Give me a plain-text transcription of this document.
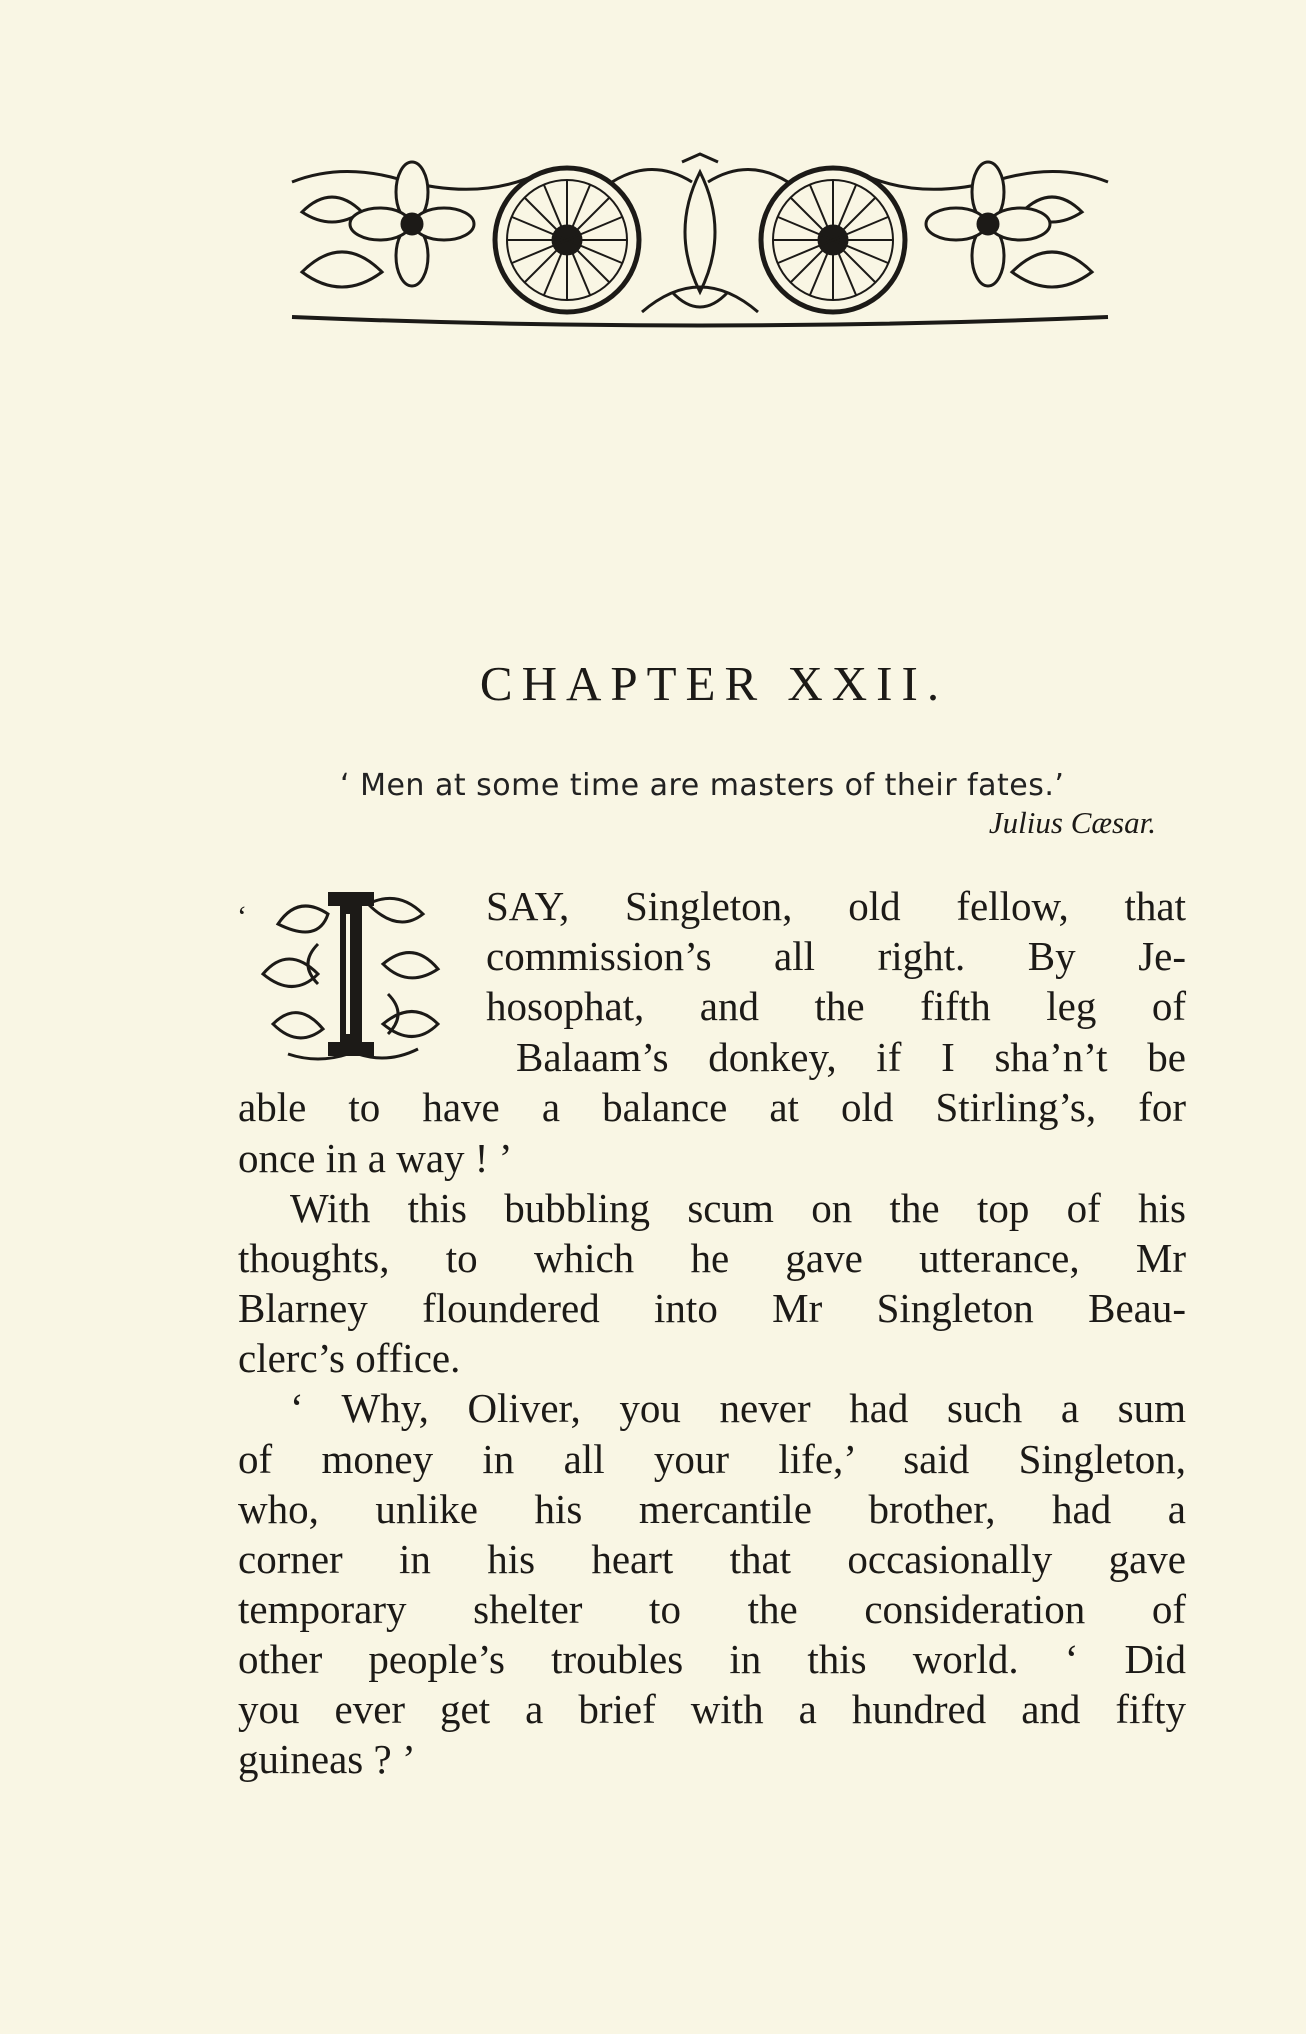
CHAPTER XXII.
‘ Men at some time are masters of their fates.’
Julius Cæsar.
‘	SAY, Singleton, old fellow, that
commission’s all right. By Je-
hosophat, and the fifth leg of
Balaam’s donkey, if I sha’n’t be
able to have a balance at old Stirling’s, for
once in a way ! ’
With this bubbling scum on the top of his
thoughts, to which he gave utterance, Mr
Blarney floundered into Mr Singleton Beau-
clerc’s office.
‘ Why, Oliver, you never had such a sum
of money in all your life,’ said Singleton,
who, unlike his mercantile brother, had a
corner in his heart that occasionally gave
temporary shelter to the consideration of
other people’s troubles in this world. ‘ Did
you ever get a brief with a hundred and fifty
guineas ? ’
